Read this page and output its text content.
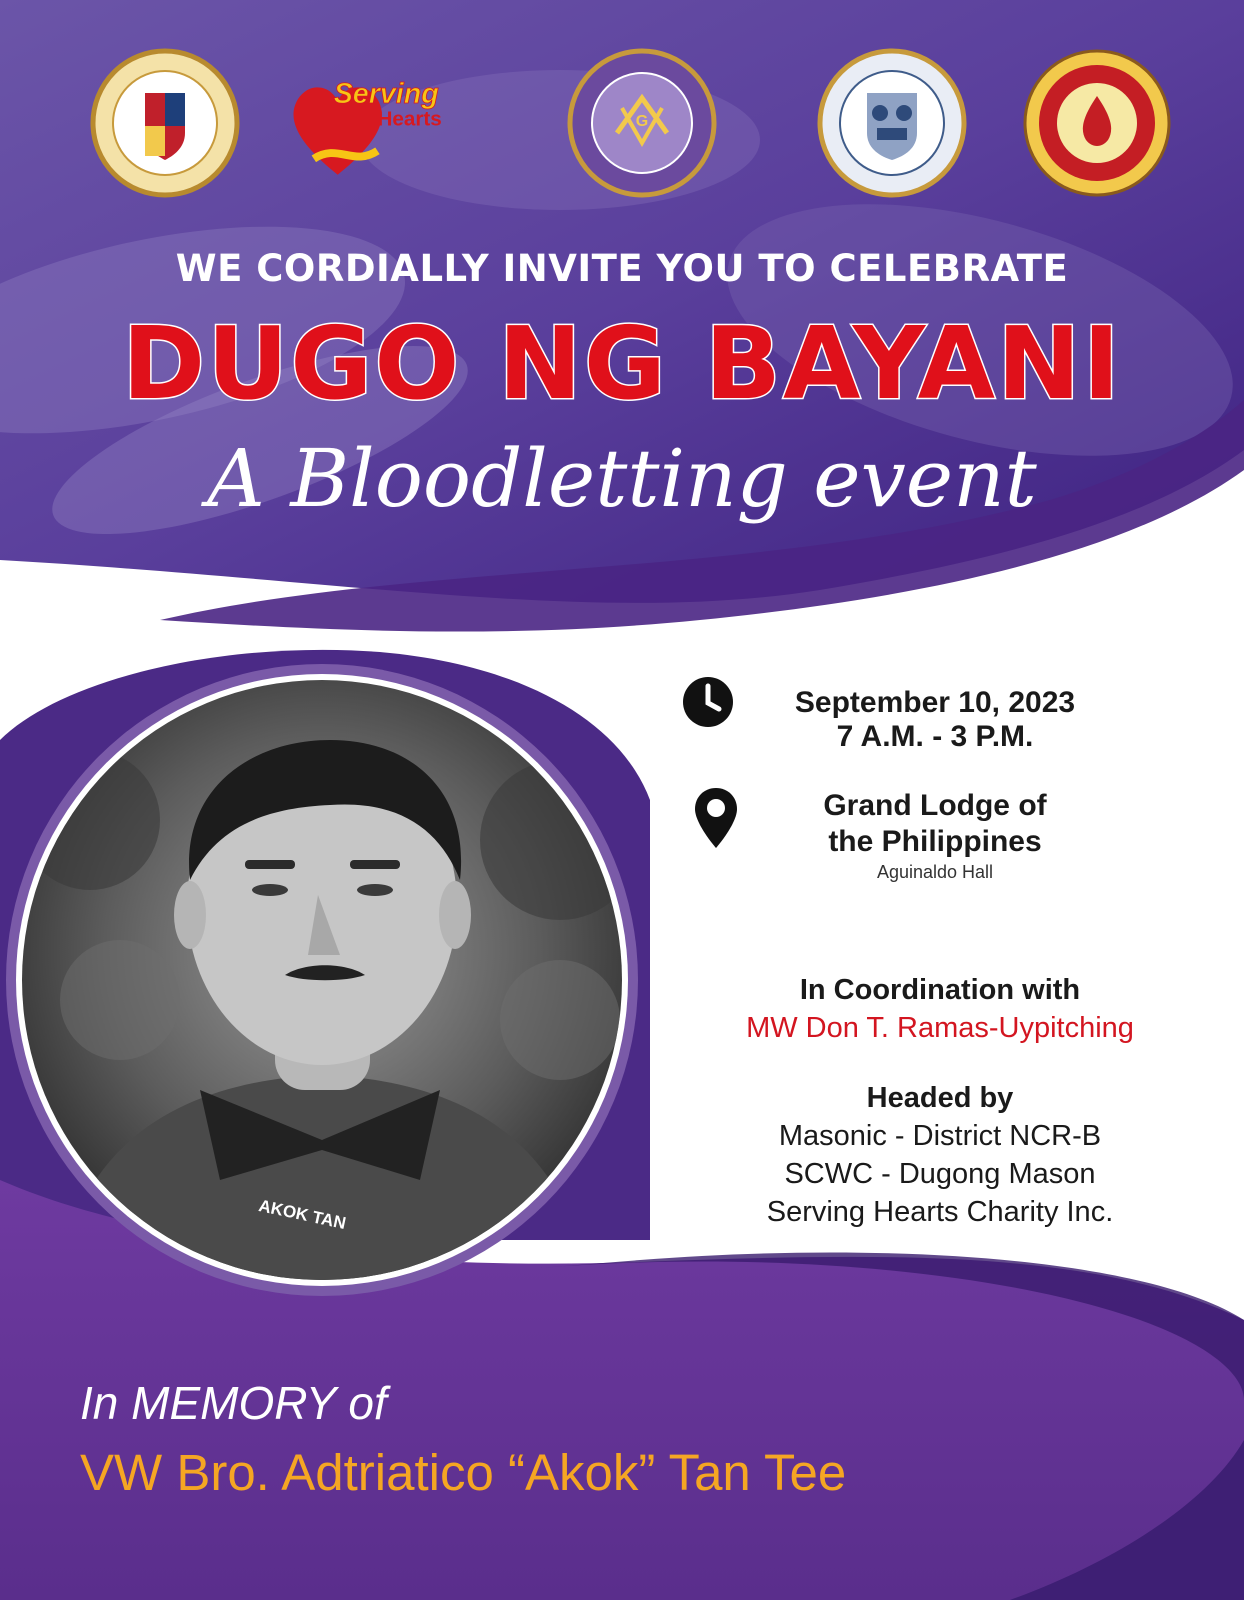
Serving
Hearts	G
WE CORDIALLY INVITE YOU TO CELEBRATE
DUGO NG BAYANI
A Bloodletting event
September 10, 2023
7 A.M. - 3 P.M.
Grand Lodge of
the Philippines
Aguinaldo Hall
In Coordination with
MW Don T. Ramas-Uypitching
Headed by
Masonic - District NCR-B
SCWC - Dugong Mason
Serving Hearts Charity Inc.
AKOK TAN
In MEMORY of
VW Bro. Adtriatico “Akok” Tan Tee
